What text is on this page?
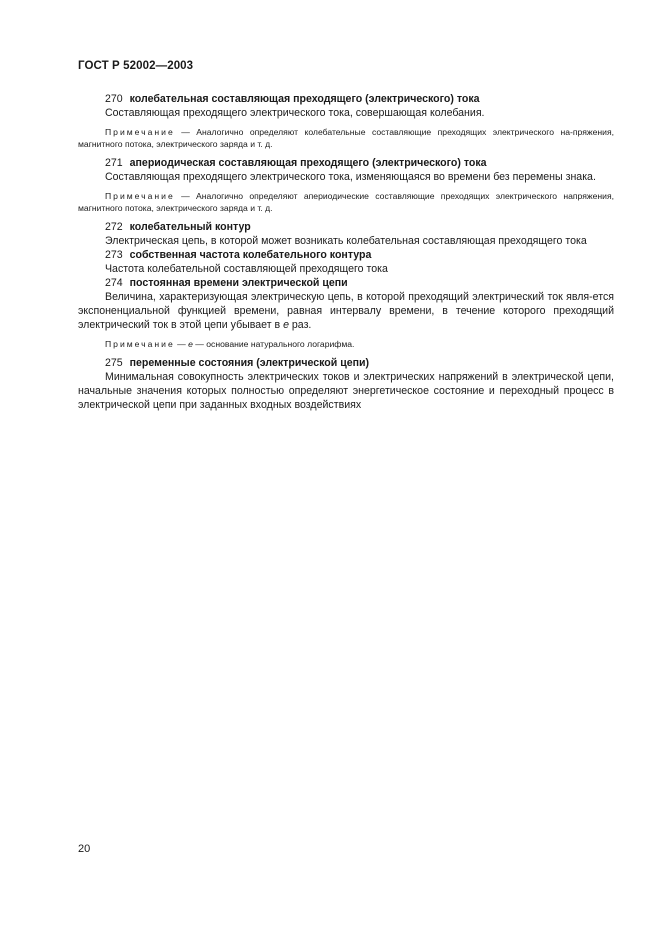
ГОСТ Р 52002—2003
270 колебательная составляющая преходящего (электрического) тока
Составляющая преходящего электрического тока, совершающая колебания.
Примечание — Аналогично определяют колебательные составляющие преходящих электрического на-пряжения, магнитного потока, электрического заряда и т. д.
271 апериодическая составляющая преходящего (электрического) тока
Составляющая преходящего электрического тока, изменяющаяся во времени без перемены знака.
Примечание — Аналогично определяют апериодические составляющие преходящих электрического напряжения, магнитного потока, электрического заряда и т. д.
272 колебательный контур
Электрическая цепь, в которой может возникать колебательная составляющая преходящего тока
273 собственная частота колебательного контура
Частота колебательной составляющей преходящего тока
274 постоянная времени электрической цепи
Величина, характеризующая электрическую цепь, в которой преходящий электрический ток явля-ется экспоненциальной функцией времени, равная интервалу времени, в течение которого преходящий электрический ток в этой цепи убывает в e раз.
Примечание — e — основание натурального логарифма.
275 переменные состояния (электрической цепи)
Минимальная совокупность электрических токов и электрических напряжений в электрической цепи, начальные значения которых полностью определяют энергетическое состояние и переходный процесс в электрической цепи при заданных входных воздействиях
20
